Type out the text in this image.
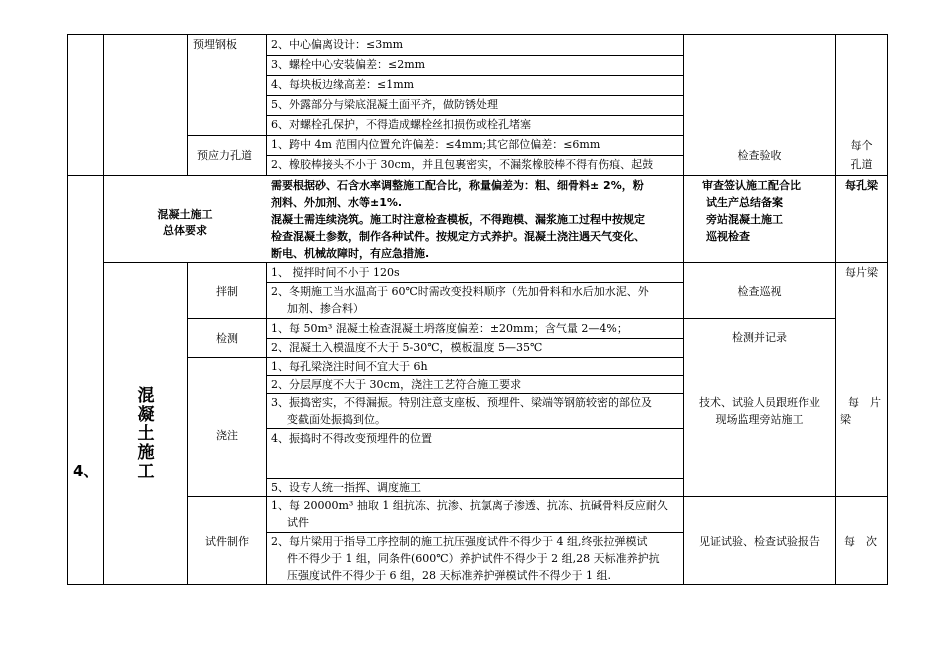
预埋钢板	2、中心偏离设计：≤3mm
3、螺栓中心安装偏差：≤2mm
4、每块板边缘高差：≤1mm
5、外露部分与梁底混凝土面平齐，做防锈处理
6、对螺栓孔保护，不得造成螺栓丝扣损伤或栓孔堵塞
预应力孔道
1、跨中 4m 范围内位置允许偏差：≤4mm;其它部位偏差：≤6mm
2、橡胶棒接头不小于 30cm，并且包裹密实，不漏浆橡胶棒不得有伤痕、起鼓
检查验收
每个
孔道
4、
混
凝
土
施
工
混凝土施工
总体要求
需要根据砂、石含水率调整施工配合比，称量偏差为：粗、细骨料± 2%，粉
剂料、外加剂、水等±1%.
混凝土需连续浇筑。施工时注意检查模板，不得跑模、漏浆施工过程中按规定
检查混凝土参数，制作各种试件。按规定方式养护。混凝土浇注遇天气变化、
断电、机械故障时，有应急措施.
审查签认施工配合比
试生产总结备案
旁站混凝土施工
巡视检查
每孔梁
拌制
1、 搅拌时间不小于 120s
2、冬期施工当水温高于 60℃时需改变投料顺序（先加骨料和水后加水泥、外
加剂、掺合料）
检查巡视
每片梁
检测
1、每 50m³ 混凝土检查混凝土坍落度偏差：±20mm；含气量 2—4%；
2、混凝土入模温度不大于 5-30℃，模板温度 5—35℃
检测并记录
浇注
1、每孔梁浇注时间不宜大于 6h
2、分层厚度不大于 30cm，浇注工艺符合施工要求
3、振捣密实，不得漏振。特别注意支座板、预埋件、梁端等钢筋较密的部位及
变截面处振捣到位。
4、振捣时不得改变预埋件的位置
5、设专人统一指挥、调度施工
技术、试验人员跟班作业
现场监理旁站施工
每　片
梁
试件制作
1、每 20000m³ 抽取 1 组抗冻、抗渗、抗氯离子渗透、抗冻、抗碱骨料反应耐久
试件
2、每片梁用于指导工序控制的施工抗压强度试件不得少于 4 组,终张拉弹模试
件不得少于 1 组，同条件(600℃）养护试件不得少于 2 组,28 天标准养护抗
压强度试件不得少于 6 组，28 天标准养护弹模试件不得少于 1 组.
见证试验、检查试验报告	每　次
